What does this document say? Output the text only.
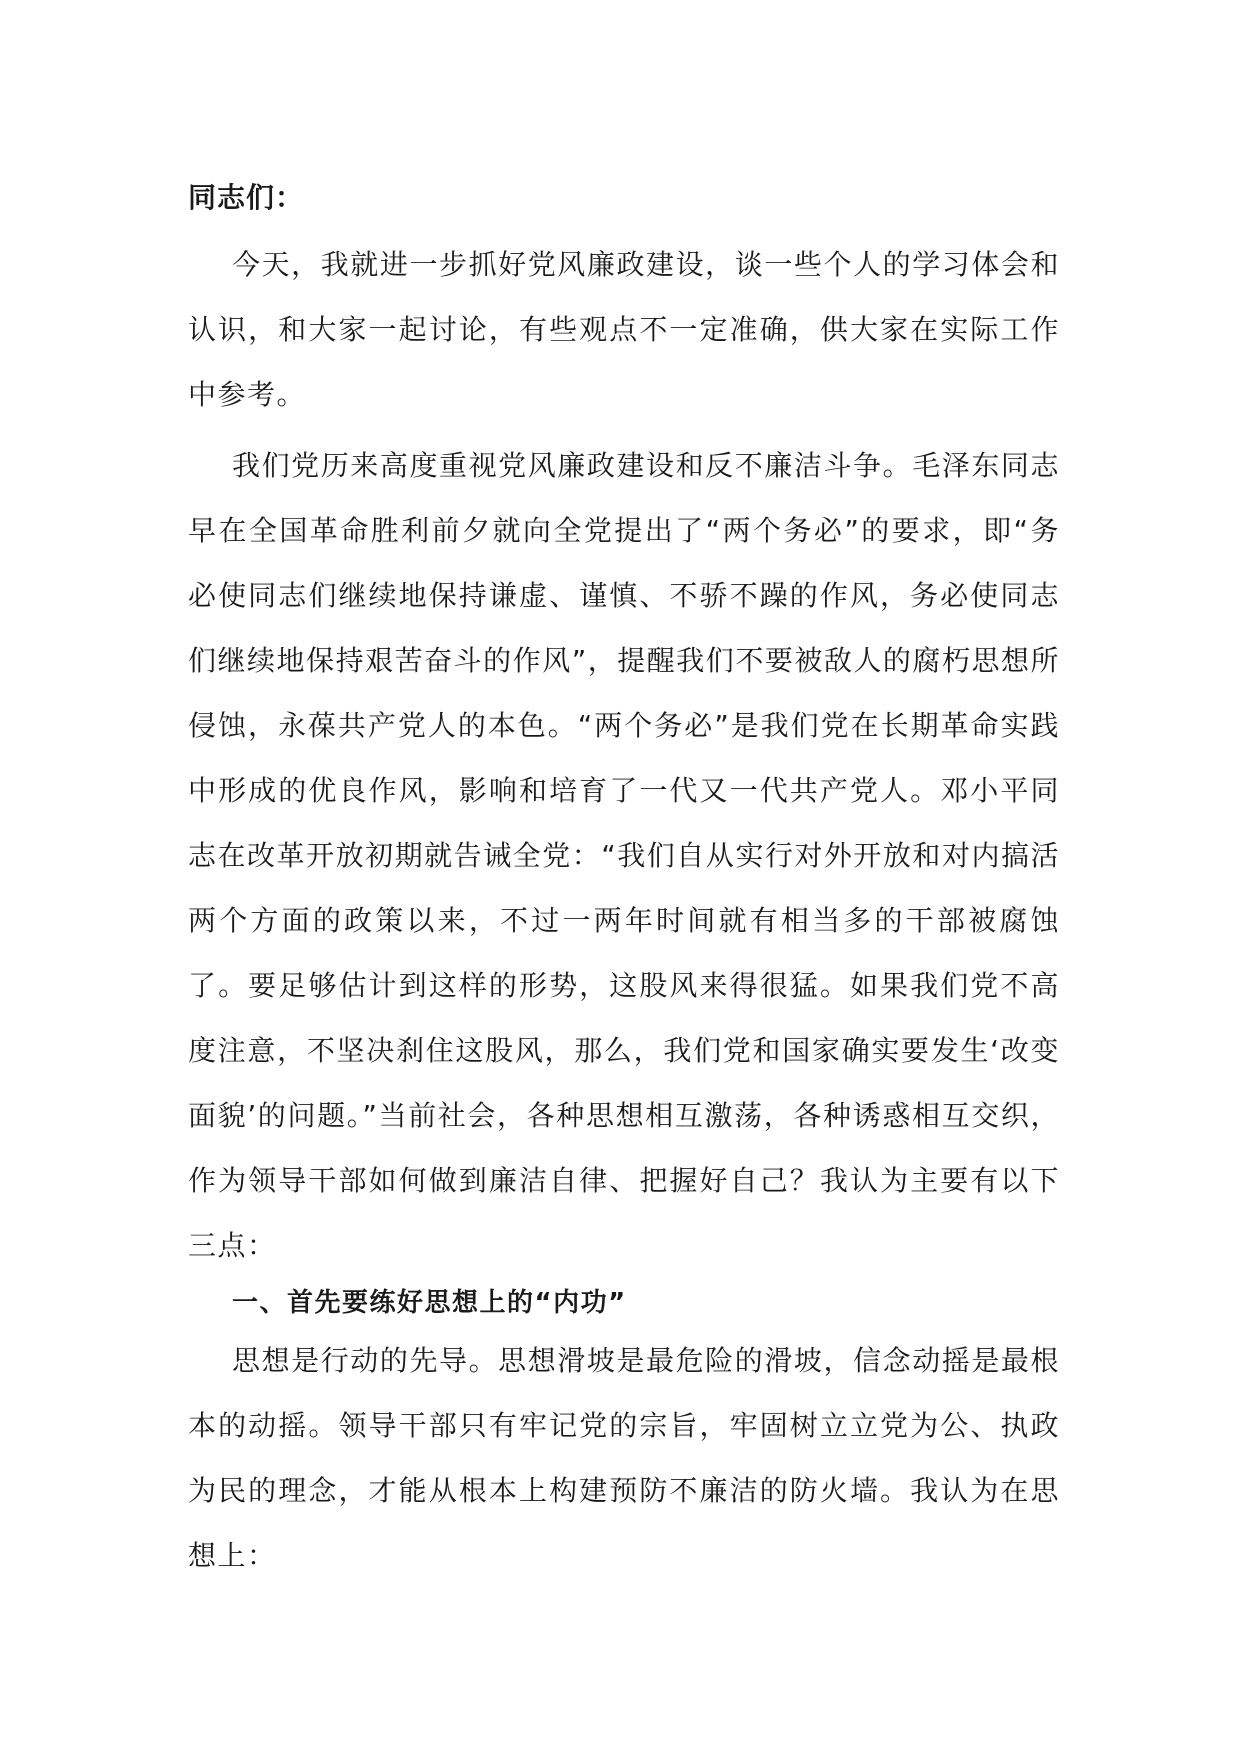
同志们：

今天，我就进一步抓好党风廉政建设，谈一些个人的学习体会和认识，和大家一起讨论，有些观点不一定准确，供大家在实际工作中参考。

我们党历来高度重视党风廉政建设和反不廉洁斗争。毛泽东同志早在全国革命胜利前夕就向全党提出了“两个务必”的要求，即“务必使同志们继续地保持谦虚、谨慎、不骄不躁的作风，务必使同志们继续地保持艰苦奋斗的作风”，提醒我们不要被敌人的腐朽思想所侵蚀，永葆共产党人的本色。“两个务必”是我们党在长期革命实践中形成的优良作风，影响和培育了一代又一代共产党人。邓小平同志在改革开放初期就告诫全党：“我们自从实行对外开放和对内搞活两个方面的政策以来，不过一两年时间就有相当多的干部被腐蚀了。要足够估计到这样的形势，这股风来得很猛。如果我们党不高度注意，不坚决刹住这股风，那么，我们党和国家确实要发生‘改变面貌’的问题。”当前社会，各种思想相互激荡，各种诱惑相互交织，作为领导干部如何做到廉洁自律、把握好自己？我认为主要有以下三点：

一、首先要练好思想上的“内功”

思想是行动的先导。思想滑坡是最危险的滑坡，信念动摇是最根本的动摇。领导干部只有牢记党的宗旨，牢固树立立党为公、执政为民的理念，才能从根本上构建预防不廉洁的防火墙。我认为在思想上：
